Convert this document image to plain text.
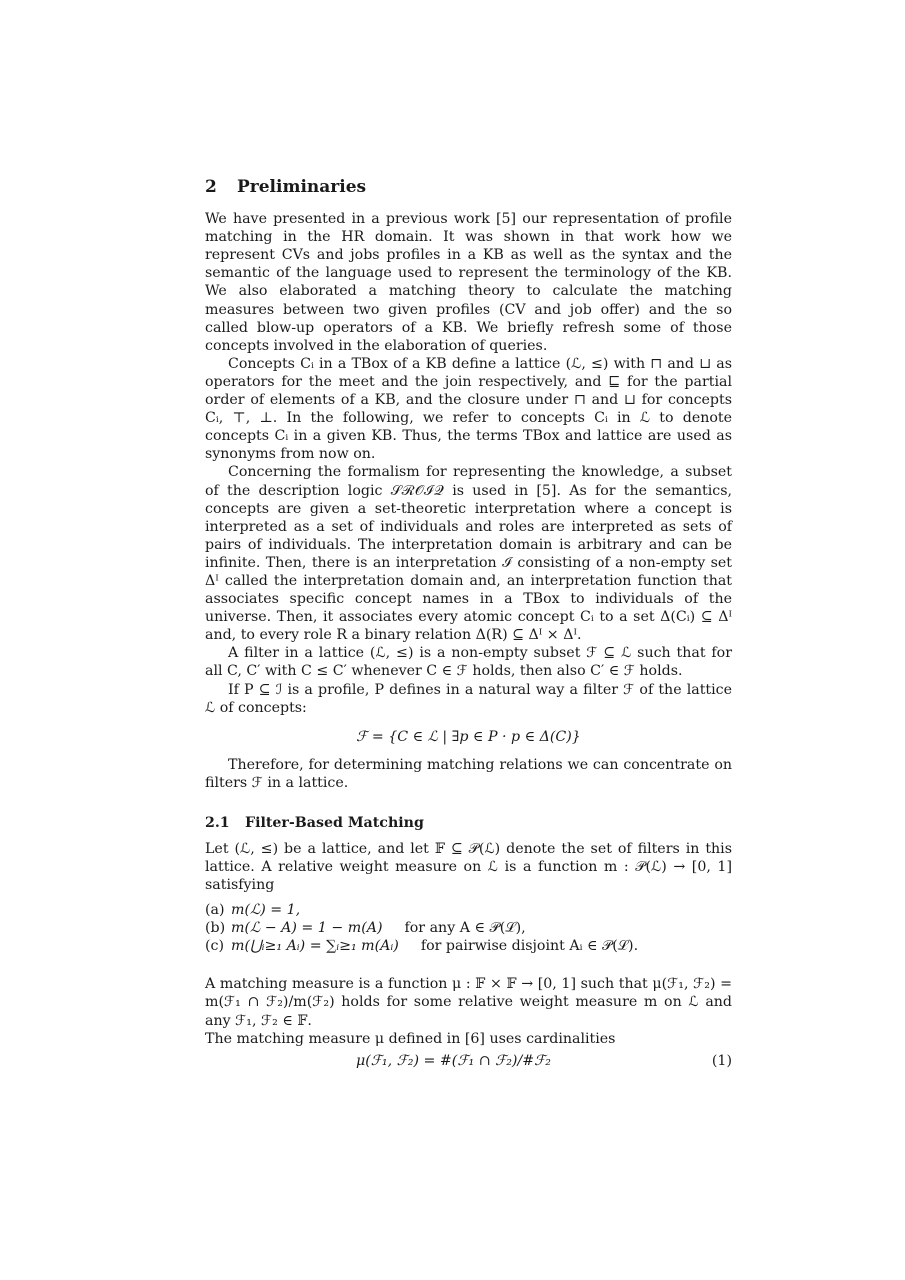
2 Preliminaries

We have presented in a previous work [5] our representation of profile matching in the HR domain. It was shown in that work how we represent CVs and jobs profiles in a KB as well as the syntax and the semantic of the language used to represent the terminology of the KB. We also elaborated a matching theory to calculate the matching measures between two given profiles (CV and job offer) and the so called blow-up operators of a KB. We briefly refresh some of those concepts involved in the elaboration of queries.

Concepts Cᵢ in a TBox of a KB define a lattice (ℒ, ≤) with ⊓ and ⊔ as operators for the meet and the join respectively, and ⊑ for the partial order of elements of a KB, and the closure under ⊓ and ⊔ for concepts Cᵢ, ⊤, ⊥. In the following, we refer to concepts Cᵢ in ℒ to denote concepts Cᵢ in a given KB. Thus, the terms TBox and lattice are used as synonyms from now on.

Concerning the formalism for representing the knowledge, a subset of the description logic 𝒮ℛ𝒪ℐ𝒬 is used in [5]. As for the semantics, concepts are given a set-theoretic interpretation where a concept is interpreted as a set of individuals and roles are interpreted as sets of pairs of individuals. The interpretation domain is arbitrary and can be infinite. Then, there is an interpretation ℐ consisting of a non-empty set Δᴵ called the interpretation domain and, an interpretation function that associates specific concept names in a TBox to individuals of the universe. Then, it associates every atomic concept Cᵢ to a set Δ(Cᵢ) ⊆ Δᴵ and, to every role R a binary relation Δ(R) ⊆ Δᴵ × Δᴵ.

A filter in a lattice (ℒ, ≤) is a non-empty subset ℱ ⊆ ℒ such that for all C, C′ with C ≤ C′ whenever C ∈ ℱ holds, then also C′ ∈ ℱ holds.

If P ⊆ ℐ is a profile, P defines in a natural way a filter ℱ of the lattice ℒ of concepts:

ℱ = {C ∈ ℒ | ∃p ∈ P · p ∈ Δ(C)}

Therefore, for determining matching relations we can concentrate on filters ℱ in a lattice.

2.1 Filter-Based Matching

Let (ℒ, ≤) be a lattice, and let 𝔽 ⊆ 𝒫(ℒ) denote the set of filters in this lattice. A relative weight measure on ℒ is a function m : 𝒫(ℒ) → [0, 1] satisfying

(a) m(ℒ) = 1,
(b) m(ℒ − A) = 1 − m(A) for any A ∈ 𝒫(ℒ),
(c) m(⋃ᵢ≥₁ Aᵢ) = ∑ᵢ≥₁ m(Aᵢ) for pairwise disjoint Aᵢ ∈ 𝒫(ℒ).

A matching measure is a function μ : 𝔽 × 𝔽 → [0, 1] such that μ(ℱ₁, ℱ₂) = m(ℱ₁ ∩ ℱ₂)/m(ℱ₂) holds for some relative weight measure m on ℒ and any ℱ₁, ℱ₂ ∈ 𝔽.

The matching measure μ defined in [6] uses cardinalities

μ(ℱ₁, ℱ₂) = #(ℱ₁ ∩ ℱ₂)/#ℱ₂	(1)
